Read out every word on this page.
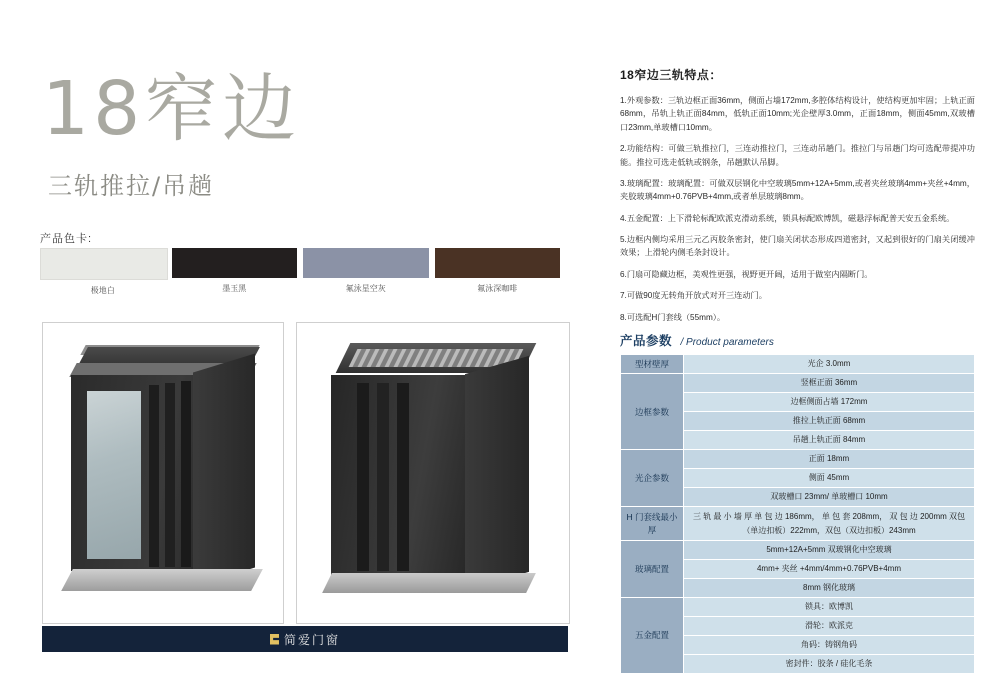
18窄边
三轨推拉/吊趟
产品色卡:
极地白	墨玉黑	氟泳星空灰	氟泳深咖啡
简爱门窗
18窄边三轨特点：

1.外观参数：三轨边框正面36mm，侧面占墙172mm,多腔体结构设计，使结构更加牢固；上轨正面68mm，吊轨上轨正面84mm，低轨正面10mm;光企壁厚3.0mm，正面18mm，侧面45mm,双玻槽口23mm,单玻槽口10mm。

2.功能结构：可做三轨推拉门，三连动推拉门，三连动吊趟门。推拉门与吊趟门均可选配带提冲功能。推拉可选走低轨或钢条，吊趟默认吊脚。

3.玻璃配置：玻璃配置：可做双层钢化中空玻璃5mm+12A+5mm,或者夹丝玻璃4mm+夹丝+4mm，夹胶玻璃4mm+0.76PVB+4mm,或者单层玻璃8mm。

4.五金配置：上下滑轮标配欧派克滑动系统，锁具标配欧博凯，磁悬浮标配普天安五金系统。

5.边框内侧均采用三元乙丙胶条密封，使门扇关闭状态形成四道密封，又起到很好的门扇关闭缓冲效果；上滑轮内侧毛条封设计。

6.门扇可隐藏边框，美观性更强，视野更开阔，适用于做室内隔断门。

7.可做90度无转角开放式对开三连动门。

8.可选配H门套线（55mm）。

产品参数 / Product parameters
型材壁厚	光企 3.0mm
边框参数	竖框正面 36mm
	边框侧面占墙 172mm
	推拉上轨正面 68mm
	吊趟上轨正面 84mm
光企参数	正面 18mm
	侧面 45mm
	双玻槽口 23mm/ 单玻槽口 10mm
H 门套线最小厚	三 轨 最 小 墙 厚 单 包 边 186mm， 单 包 套 208mm， 双 包 边 200mm 双包（单边扣板）222mm，双包（双边扣板）243mm
玻璃配置	5mm+12A+5mm 双玻钢化中空玻璃
	4mm+ 夹丝 +4mm/4mm+0.76PVB+4mm
	8mm 钢化玻璃
五金配置	锁具：欧博凯
	滑轮：欧派克
	角码：铸钢角码
	密封件：胶条 / 硅化毛条
